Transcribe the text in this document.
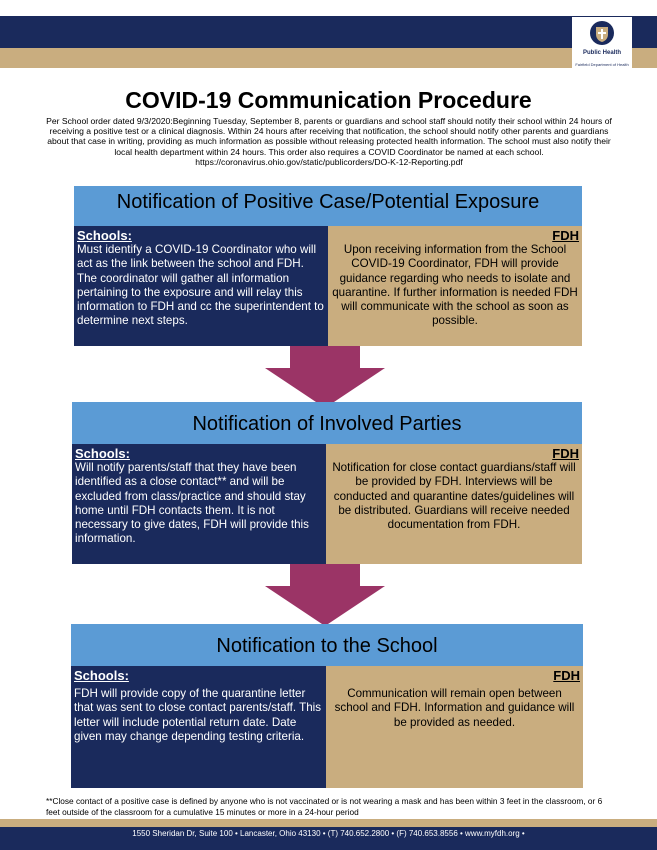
Public Health
Fairfield Department of Health
COVID-19 Communication Procedure
Per School order dated 9/3/2020:Beginning Tuesday, September 8, parents or guardians and school staff should notify their school within 24 hours of receiving a positive test or a clinical diagnosis. Within 24 hours after receiving that notification, the school should notify other parents and guardians about that case in writing, providing as much information as possible without releasing protected health information. The school must also notify their local health department within 24 hours. This order also requires a COVID Coordinator be named at each school. https://coronavirus.ohio.gov/static/publicorders/DO-K-12-Reporting.pdf
Notification of Positive Case/Potential Exposure
Schools:
Must identify a COVID-19 Coordinator who will act as the link between the school and FDH. The coordinator will gather all information pertaining to the exposure and will relay this information to FDH and cc the superintendent to determine next steps.
FDH
Upon receiving information from the School COVID-19 Coordinator, FDH will provide guidance regarding who needs to isolate and quarantine. If further information is needed FDH will communicate with the school as soon as possible.
Notification of Involved Parties
Schools:
Will notify parents/staff that they have been identified as a close contact** and will be excluded from class/practice and should stay home until FDH contacts them. It is not necessary to give dates, FDH will provide this information.
FDH
Notification for close contact guardians/staff will be provided by FDH. Interviews will be conducted and quarantine dates/guidelines will be distributed. Guardians will receive needed documentation from FDH.
Notification to the School
Schools:
FDH will provide copy of the quarantine letter that was sent to close contact parents/staff. This letter will include potential return date. Date given may change depending testing criteria.
FDH
Communication will remain open between school and FDH. Information and guidance will be provided as needed.
**Close contact of a positive case is defined by anyone who is not vaccinated or is not wearing a mask and has been within 3 feet in the classroom, or 6 feet outside of the classroom for a cumulative 15 minutes or more in a 24-hour period
1550 Sheridan Dr, Suite 100 • Lancaster, Ohio 43130 • (T) 740.652.2800 • (F) 740.653.8556 • www.myfdh.org •
